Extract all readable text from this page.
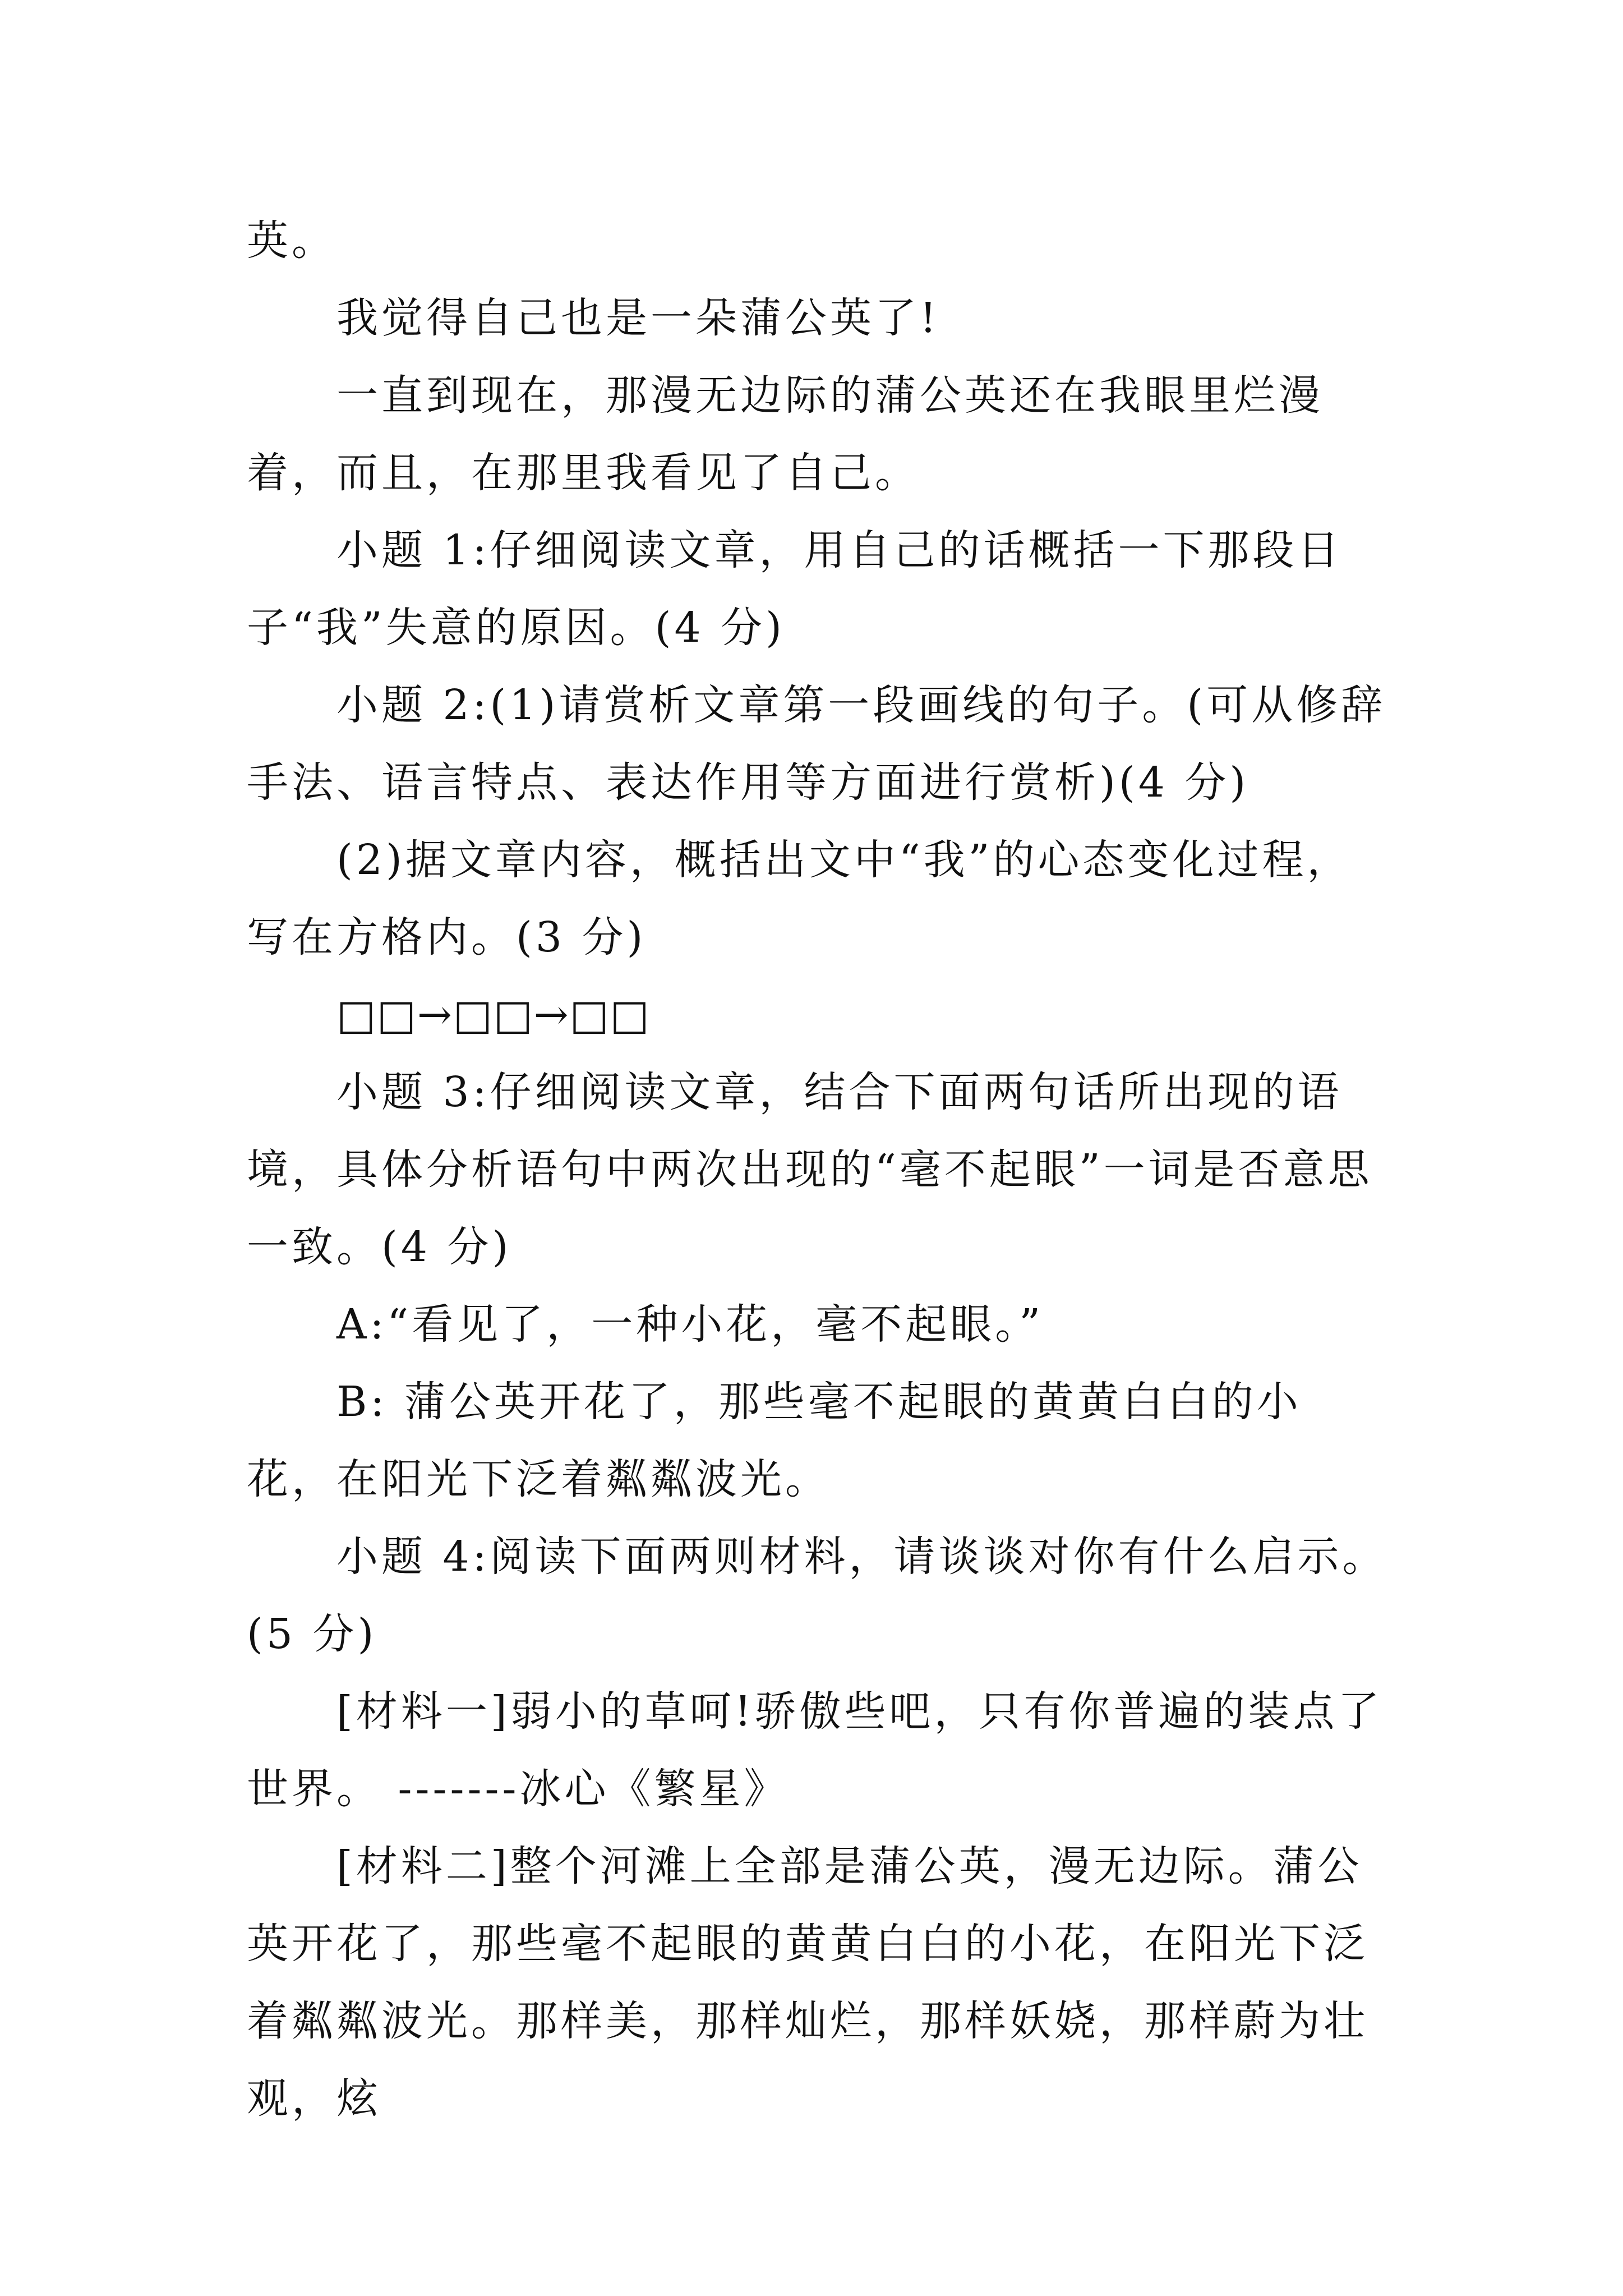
英。

我觉得自己也是一朵蒲公英了!

一直到现在，那漫无边际的蒲公英还在我眼里烂漫着，而且，在那里我看见了自己。

小题 1:仔细阅读文章，用自己的话概括一下那段日子“我”失意的原因。(4 分)

小题 2:(1)请赏析文章第一段画线的句子。(可从修辞手法、语言特点、表达作用等方面进行赏析)(4 分)

(2)据文章内容，概括出文中“我”的心态变化过程，写在方格内。(3 分)

□□→□□→□□

小题 3:仔细阅读文章，结合下面两句话所出现的语境，具体分析语句中两次出现的“毫不起眼”一词是否意思一致。(4 分)

A:“看见了，一种小花，毫不起眼。”

B: 蒲公英开花了，那些毫不起眼的黄黄白白的小花，在阳光下泛着粼粼波光。

小题 4:阅读下面两则材料，请谈谈对你有什么启示。(5 分)

[材料一]弱小的草呵!骄傲些吧，只有你普遍的装点了世界。 -------冰心《繁星》

[材料二]整个河滩上全部是蒲公英，漫无边际。蒲公英开花了，那些毫不起眼的黄黄白白的小花，在阳光下泛着粼粼波光。那样美，那样灿烂，那样妖娆，那样蔚为壮观，炫
